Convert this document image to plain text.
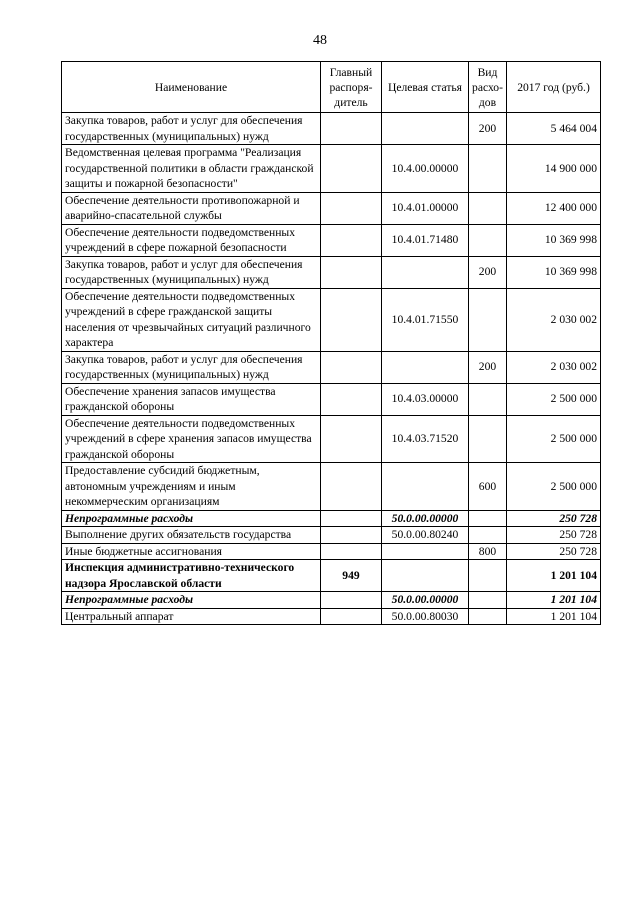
48
Наименование	Главный распоря-дитель	Целевая статья	Вид расхо-дов	2017 год (руб.)
Закупка товаров, работ и услуг для обеспечения государственных (муниципальных) нужд			200	5 464 004
Ведомственная целевая программа "Реализация государственной политики в области гражданской защиты и пожарной безопасности"		10.4.00.00000		14 900 000
Обеспечение деятельности противопожарной и аварийно-спасательной службы		10.4.01.00000		12 400 000
Обеспечение деятельности подведомственных учреждений в сфере пожарной безопасности		10.4.01.71480		10 369 998
Закупка товаров, работ и услуг для обеспечения государственных (муниципальных) нужд			200	10 369 998
Обеспечение деятельности подведомственных учреждений в сфере гражданской защиты населения от чрезвычайных ситуаций различного характера		10.4.01.71550		2 030 002
Закупка товаров, работ и услуг для обеспечения государственных (муниципальных) нужд			200	2 030 002
Обеспечение хранения запасов имущества гражданской обороны		10.4.03.00000		2 500 000
Обеспечение деятельности подведомственных учреждений в сфере хранения запасов имущества гражданской обороны		10.4.03.71520		2 500 000
Предоставление субсидий бюджетным, автономным учреждениям и иным некоммерческим организациям			600	2 500 000
Непрограммные расходы		50.0.00.00000		250 728
Выполнение других обязательств государства		50.0.00.80240		250 728
Иные бюджетные ассигнования			800	250 728
Инспекция административно-технического надзора Ярославской области	949			1 201 104
Непрограммные расходы		50.0.00.00000		1 201 104
Центральный аппарат		50.0.00.80030		1 201 104
